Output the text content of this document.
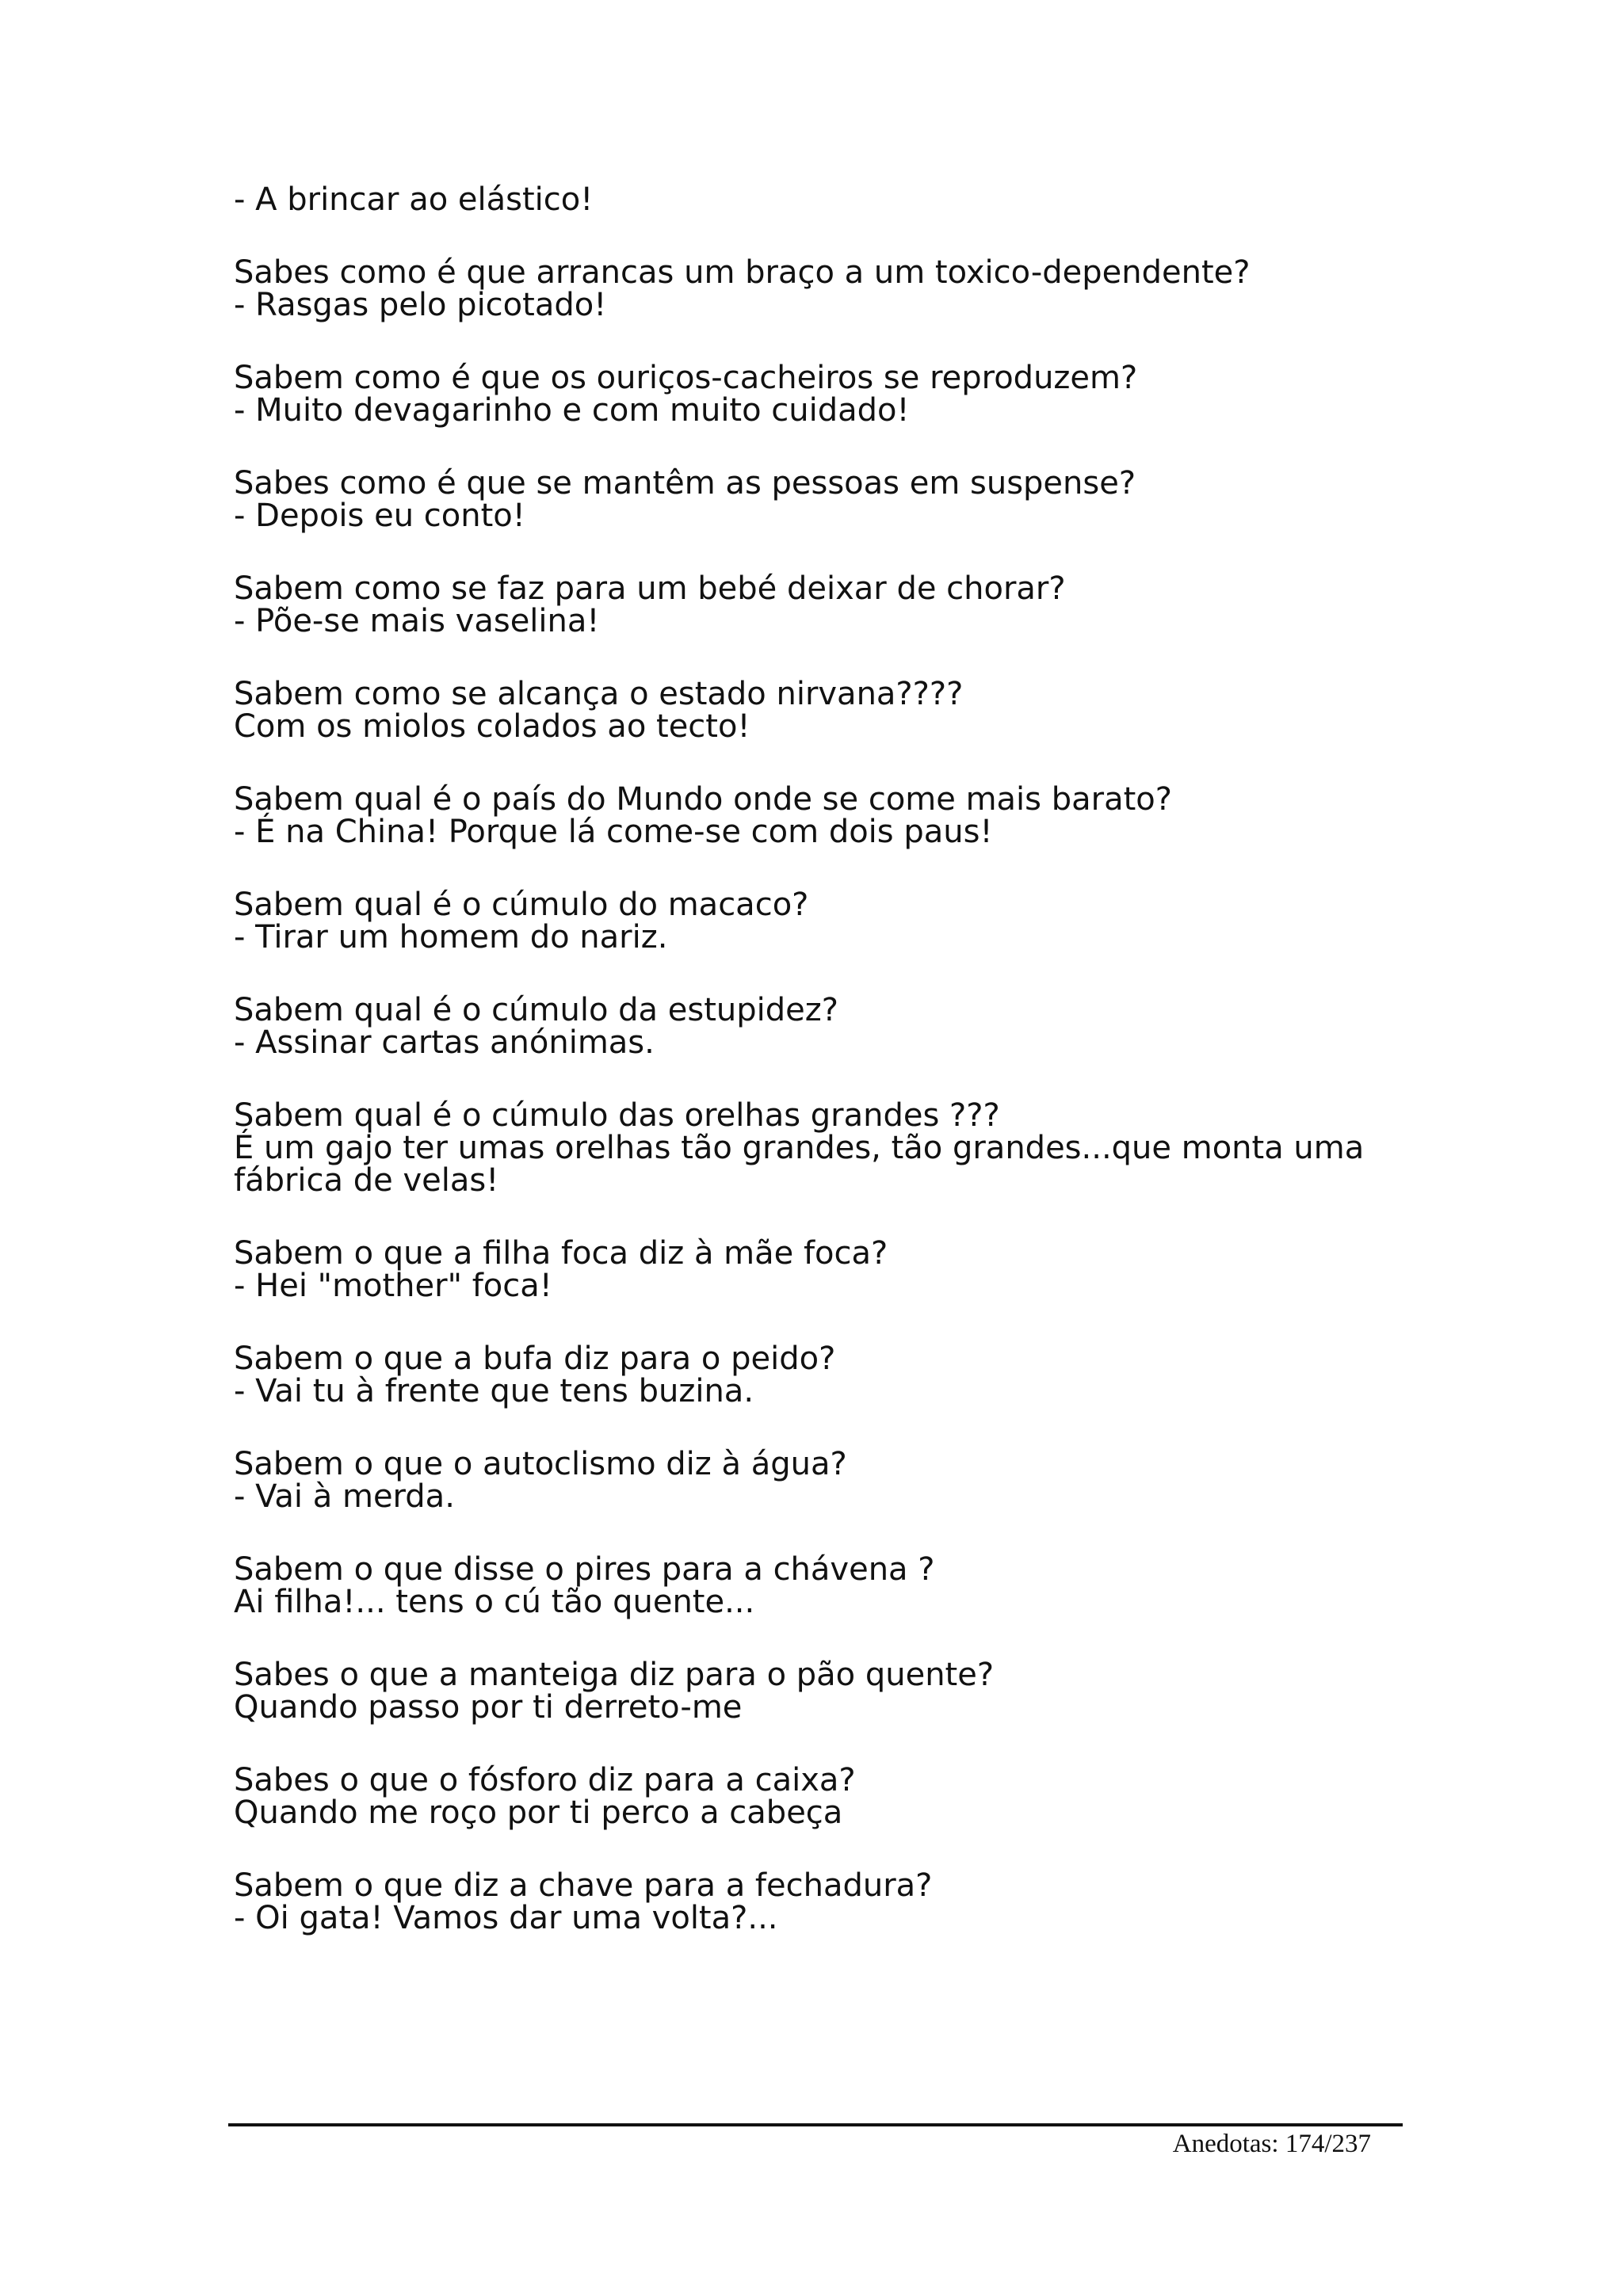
- A brincar ao elástico!
Sabes como é que arrancas um braço a um toxico-dependente?
- Rasgas pelo picotado!
Sabem como é que os ouriços-cacheiros se reproduzem?
- Muito devagarinho e com muito cuidado!
Sabes como é que se mantêm as pessoas em suspense?
- Depois eu conto!
Sabem como se faz para um bebé deixar de chorar?
- Põe-se mais vaselina!
Sabem como se alcança o estado nirvana????
Com os miolos colados ao tecto!
Sabem qual é o país do Mundo onde se come mais barato?
- É na China! Porque lá come-se com dois paus!
Sabem qual é o cúmulo do macaco?
- Tirar um homem do nariz.
Sabem qual é o cúmulo da estupidez?
- Assinar cartas anónimas.
Sabem qual é o cúmulo das orelhas grandes ???
É um gajo ter umas orelhas tão grandes, tão grandes...que monta uma
fábrica de velas!
Sabem o que a filha foca diz à mãe foca?
- Hei "mother" foca!
Sabem o que a bufa diz para o peido?
- Vai tu à frente que tens buzina.
Sabem o que o autoclismo diz à água?
- Vai à merda.
Sabem o que disse o pires para a chávena ?
Ai filha!... tens o cú tão quente...
Sabes o que a manteiga diz para o pão quente?
Quando passo por ti derreto-me
Sabes o que o fósforo diz para a caixa?
Quando me roço por ti perco a cabeça
Sabem o que diz a chave para a fechadura?
- Oi gata! Vamos dar uma volta?...
Anedotas: 174/237
